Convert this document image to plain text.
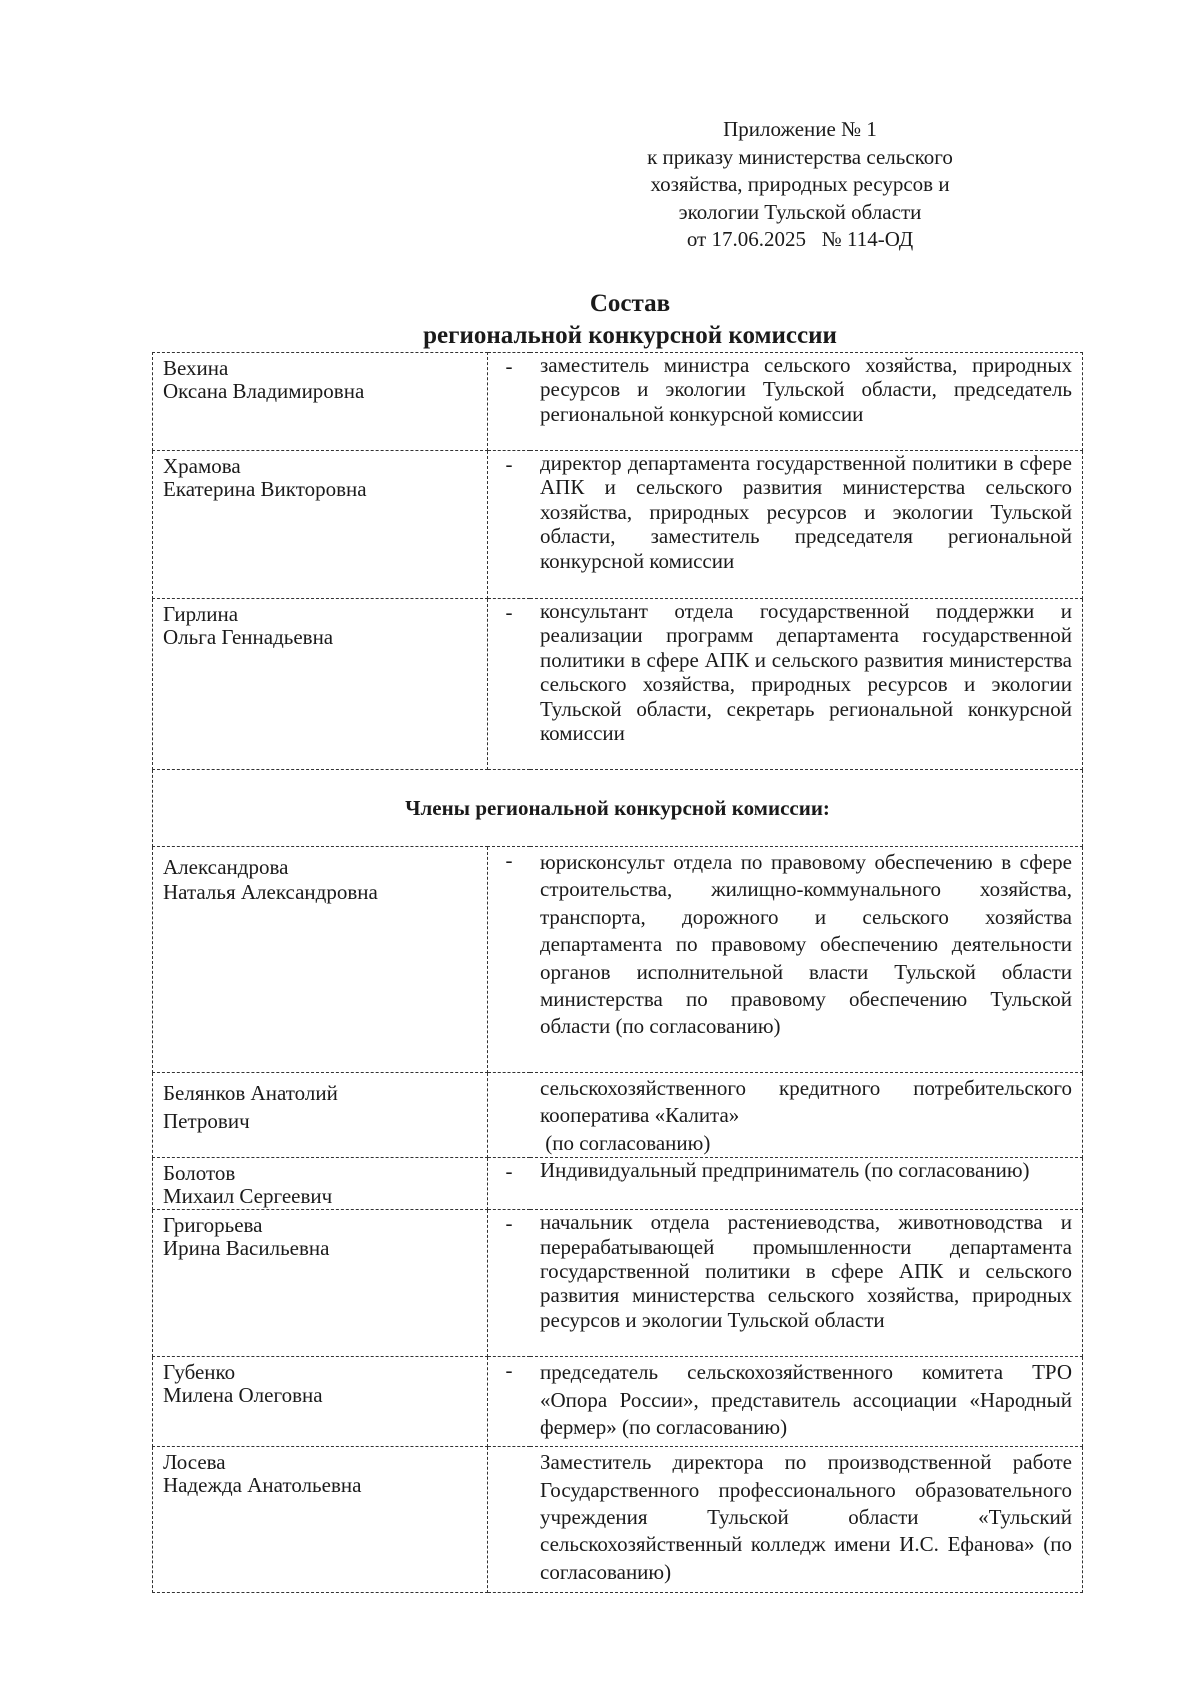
Приложение № 1
к приказу министерства сельского
хозяйства, природных ресурсов и
экологии Тульской области
от 17.06.2025   № 114-ОД
Состав
региональной конкурсной комиссии
Вехина
Оксана Владимировна	-	заместитель министра сельского хозяйства, природных ресурсов и экологии Тульской области, председатель региональной конкурсной комиссии

Храмова
Екатерина Викторовна	-	директор департамента государственной политики в сфере АПК и сельского развития министерства сельского хозяйства, природных ресурсов и экологии Тульской области, заместитель председателя региональной конкурсной комиссии

Гирлина
Ольга Геннадьевна	-	консультант отдела государственной поддержки и реализации программ департамента государственной политики в сфере АПК и сельского развития министерства сельского хозяйства, природных ресурсов и экологии Тульской области, секретарь региональной конкурсной комиссии
Члены региональной конкурсной комиссии:		

Александрова
Наталья Александровна	-	юрисконсульт отдела по правовому обеспечению в сфере строительства, жилищно-коммунального хозяйства, транспорта, дорожного и сельского хозяйства департамента по правовому обеспечению деятельности органов исполнительной власти Тульской области министерства по правовому обеспечению Тульской области (по согласованию)

Белянков Анатолий
Петрович		сельскохозяйственного кредитного потребительского кооператива «Калита»
(по согласованию)

Болотов
Михаил Сергеевич	-	Индивидуальный предприниматель (по согласованию)

Григорьева
Ирина Васильевна	-	начальник отдела растениеводства, животноводства и перерабатывающей промышленности департамента государственной политики в сфере АПК и сельского развития министерства сельского хозяйства, природных ресурсов и экологии Тульской области

Губенко
Милена Олеговна	-	председатель сельскохозяйственного комитета ТРО «Опора России», представитель ассоциации «Народный фермер» (по согласованию)

Лосева
Надежда Анатольевна		Заместитель директора по производственной работе Государственного профессионального образовательного учреждения Тульской области «Тульский сельскохозяйственный колледж имени И.С. Ефанова» (по согласованию)
